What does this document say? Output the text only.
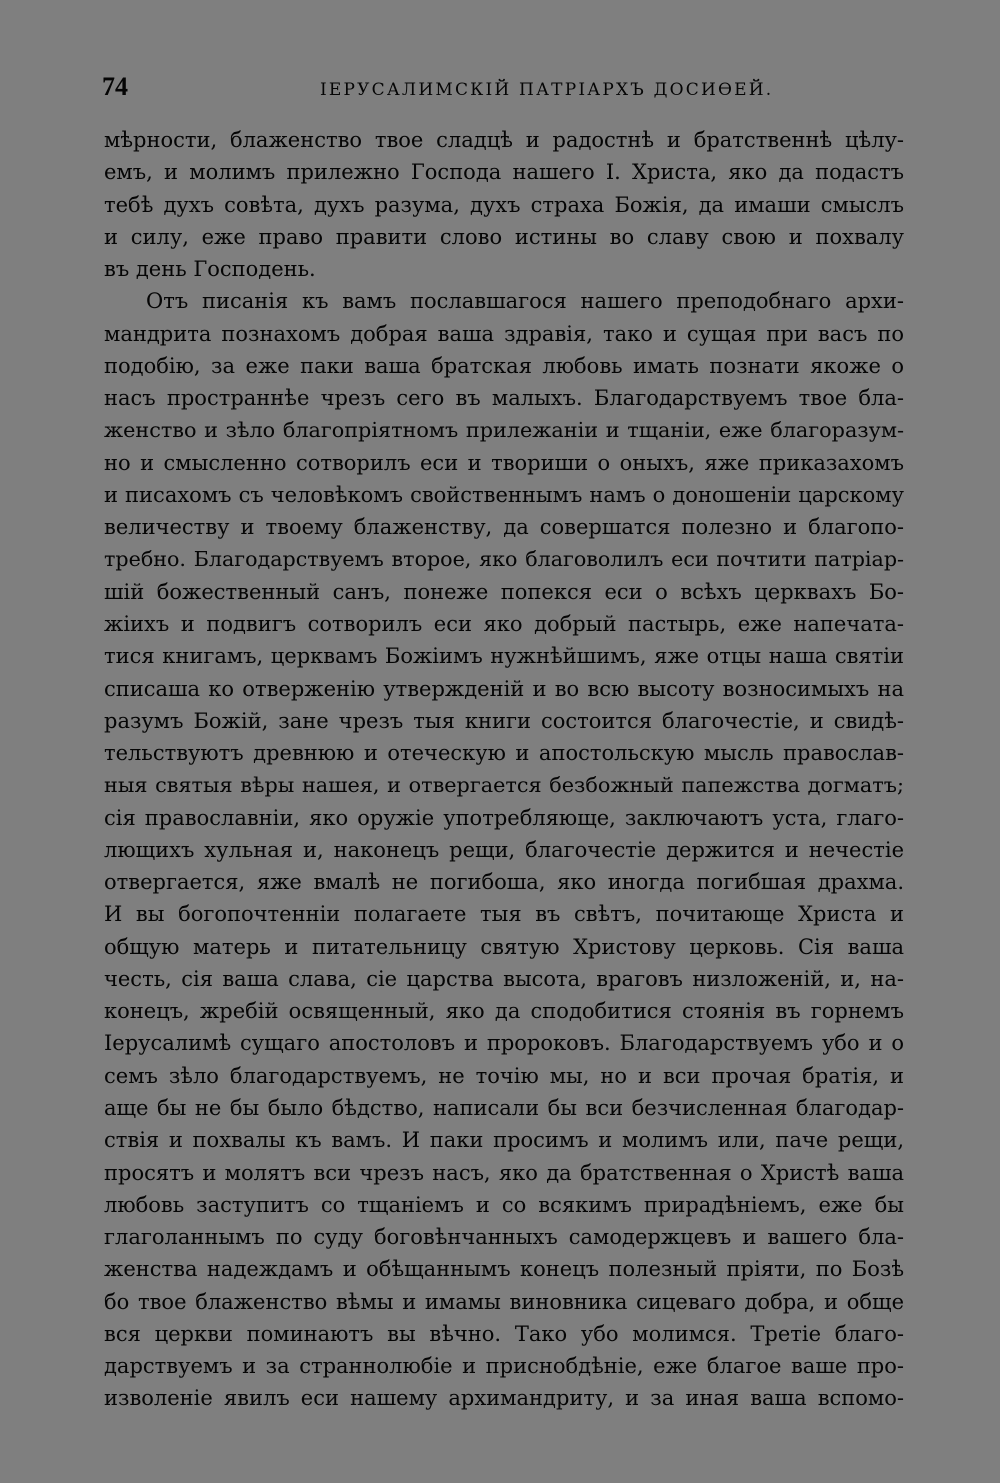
74	IЕРУСАЛИМСКIЙ ПАТРIАРХЪ ДОСИѲЕЙ.
мѣрности, блаженство твое сладцѣ и радостнѣ и братственнѣ цѣлу-
емъ, и молимъ прилежно Господа нашего I. Христа, яко да подастъ
тебѣ духъ совѣта, духъ разума, духъ страха Божiя, да имаши смыслъ
и силу, еже право правити слово истины во славу свою и похвалу
въ день Господень.
Отъ писанiя къ вамъ пославшагося нашего преподобнаго архи-
мандрита познахомъ добрая ваша здравiя, тако и сущая при васъ по
подобiю, за еже паки ваша братская любовь имать познати якоже о
насъ пространнѣе чрезъ сего въ малыхъ. Благодарствуемъ твое бла-
женство и зѣло благопрiятномъ прилежанiи и тщанiи, еже благоразум-
но и смысленно сотворилъ еси и твориши о оныхъ, яже приказахомъ
и писахомъ съ человѣкомъ свойственнымъ намъ о доношенiи царскому
величеству и твоему блаженству, да совершатся полезно и благопо-
требно. Благодарствуемъ второе, яко благоволилъ еси почтити патрiар-
шiй божественный санъ, понеже попекся еси о всѣхъ церквахъ Бо-
жiихъ и подвигъ сотворилъ еси яко добрый пастырь, еже напечата-
тися книгамъ, церквамъ Божiимъ нужнѣйшимъ, яже отцы наша святiи
списаша ко отверженiю утвержденiй и во всю высоту возносимыхъ на
разумъ Божiй, зане чрезъ тыя книги состоится благочестiе, и свидѣ-
тельствуютъ древнюю и отеческую и апостольскую мысль православ-
ныя святыя вѣры нашея, и отвергается безбожный папежства догматъ;
сiя православнiи, яко оружiе употребляюще, заключаютъ уста, глаго-
лющихъ хульная и, наконецъ рещи, благочестiе держится и нечестiе
отвергается, яже вмалѣ не погибоша, яко иногда погибшая драхма.
И вы богопочтеннiи полагаете тыя въ свѣтъ, почитающе Христа и
общую матерь и питательницу святую Христову церковь. Сiя ваша
честь, сiя ваша слава, сiе царства высота, враговъ низложенiй, и, на-
конецъ, жребiй освященный, яко да сподобитися стоянiя въ горнемъ
Iерусалимѣ сущаго апостоловъ и пророковъ. Благодарствуемъ убо и о
семъ зѣло благодарствуемъ, не точiю мы, но и вси прочая братiя, и
аще бы не бы было бѣдство, написали бы вси безчисленная благодар-
ствiя и похвалы къ вамъ. И паки просимъ и молимъ или, паче рещи,
просятъ и молятъ вси чрезъ насъ, яко да братственная о Христѣ ваша
любовь заступитъ со тщанiемъ и со всякимъ прирадѣнiемъ, еже бы
глаголаннымъ по суду боговѣнчанныхъ самодержцевъ и вашего бла-
женства надеждамъ и обѣщаннымъ конецъ полезный прiяти, по Бозѣ
бо твое блаженство вѣмы и имамы виновника сицеваго добра, и обще
вся церкви поминаютъ вы вѣчно. Тако убо молимся. Третiе благо-
дарствуемъ и за страннолюбiе и приснобдѣнiе, еже благое ваше про-
изволенiе явилъ еси нашему архимандриту, и за иная ваша вспомо-
